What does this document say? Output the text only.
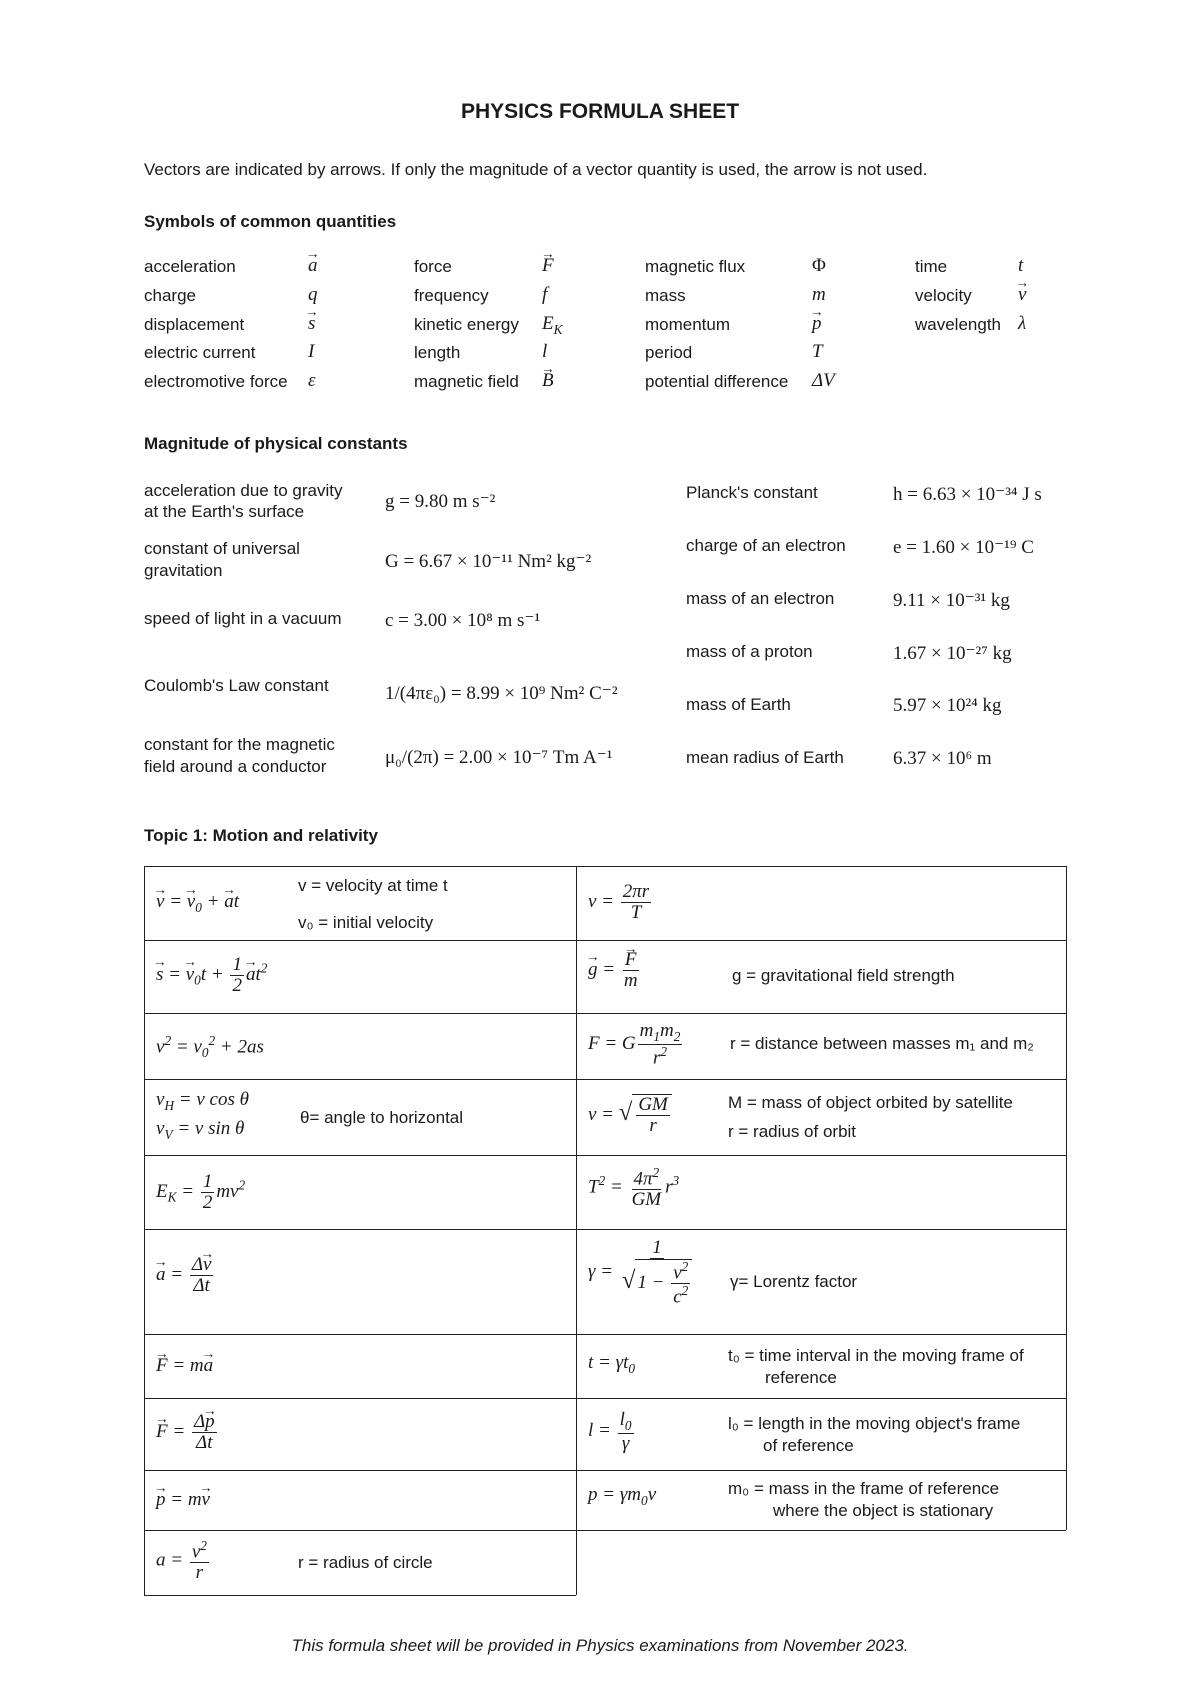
PHYSICS FORMULA SHEET
Vectors are indicated by arrows. If only the magnitude of a vector quantity is used, the arrow is not used.
Symbols of common quantities
acceleration
→	a
charge	q
displacement
→	s
electric current	I
electromotive force ε
force
→	F
frequency	f
kinetic energy $E_K$
length	l
magnetic field
→ B
magnetic flux	Φ
mass	m
momentum
→	p
period	T
potential difference ΔV
time	t
velocity
→ v
wavelength λ
Magnitude of physical constants
acceleration due to gravity
at the Earth's surface	g = 9.80 m s⁻²
constant of universal
gravitation	G = 6.67 × 10⁻¹¹ Nm² kg⁻²
speed of light in a vacuum c = 3.00 × 10⁸ m s⁻¹
Coulomb's Law constant	1/(4πε₀) = 8.99 × 10⁹ Nm² C⁻²
constant for the magnetic
field around a conductor	μ₀/(2π) = 2.00 × 10⁻⁷ Tm A⁻¹
Planck's constant	h = 6.63 × 10⁻³⁴ J s
charge of an electron e = 1.60 × 10⁻¹⁹ C
mass of an electron	9.11 × 10⁻³¹ kg
mass of a proton	1.67 × 10⁻²⁷ kg
mass of Earth	5.97 × 10²⁴ kg
mean radius of Earth	6.37 × 10⁶ m
Topic 1: Motion and relativity
→ v = → $v_0$ + → at
v = velocity at time t
v₀ = initial velocity
→ s = → $v_0t + \frac{1}{2}$
→ $at^2$
$v^2 = v_0^2 + 2as$
$v_H = v$ cos θ
$v_V = v$ sin θ
θ= angle to horizontal
$E_K = \frac{1}{2} mv^2$
→ $a = \frac{\Delta\to v}{\Delta t}$
→ F = m→ a
→ $F = \frac{\Delta\to p}{\Delta t}$
→ p = m→ v
$a = \frac{v^2}{r}$	r = radius of circle
$v = \frac{2\pi r}{T}$
→ g =
→ $\frac{F}{m}$	g = gravitational field strength
F = G $\frac{m_1m_2}{r^2}$	r = distance between masses m₁ and m₂
v = √ $\frac{GM}{r}$	M = mass of object orbited by satellite
r = radius of orbit
$T^2 = \frac{4\pi^2}{GM} r^3$
$\gamma = \frac{1}{√ 1 - \frac{v^2}{c^2}} \gamma=$ Lorentz factor
$t = \gamma t_0$
t₀ = time interval in the moving frame of
reference
$l = \frac{l_0}{\gamma}$	l₀ = length in the moving object's frame
of reference
$p = \gamma m_0v$	m₀ = mass in the frame of reference
where the object is stationary
This formula sheet will be provided in Physics examinations from November 2023.
